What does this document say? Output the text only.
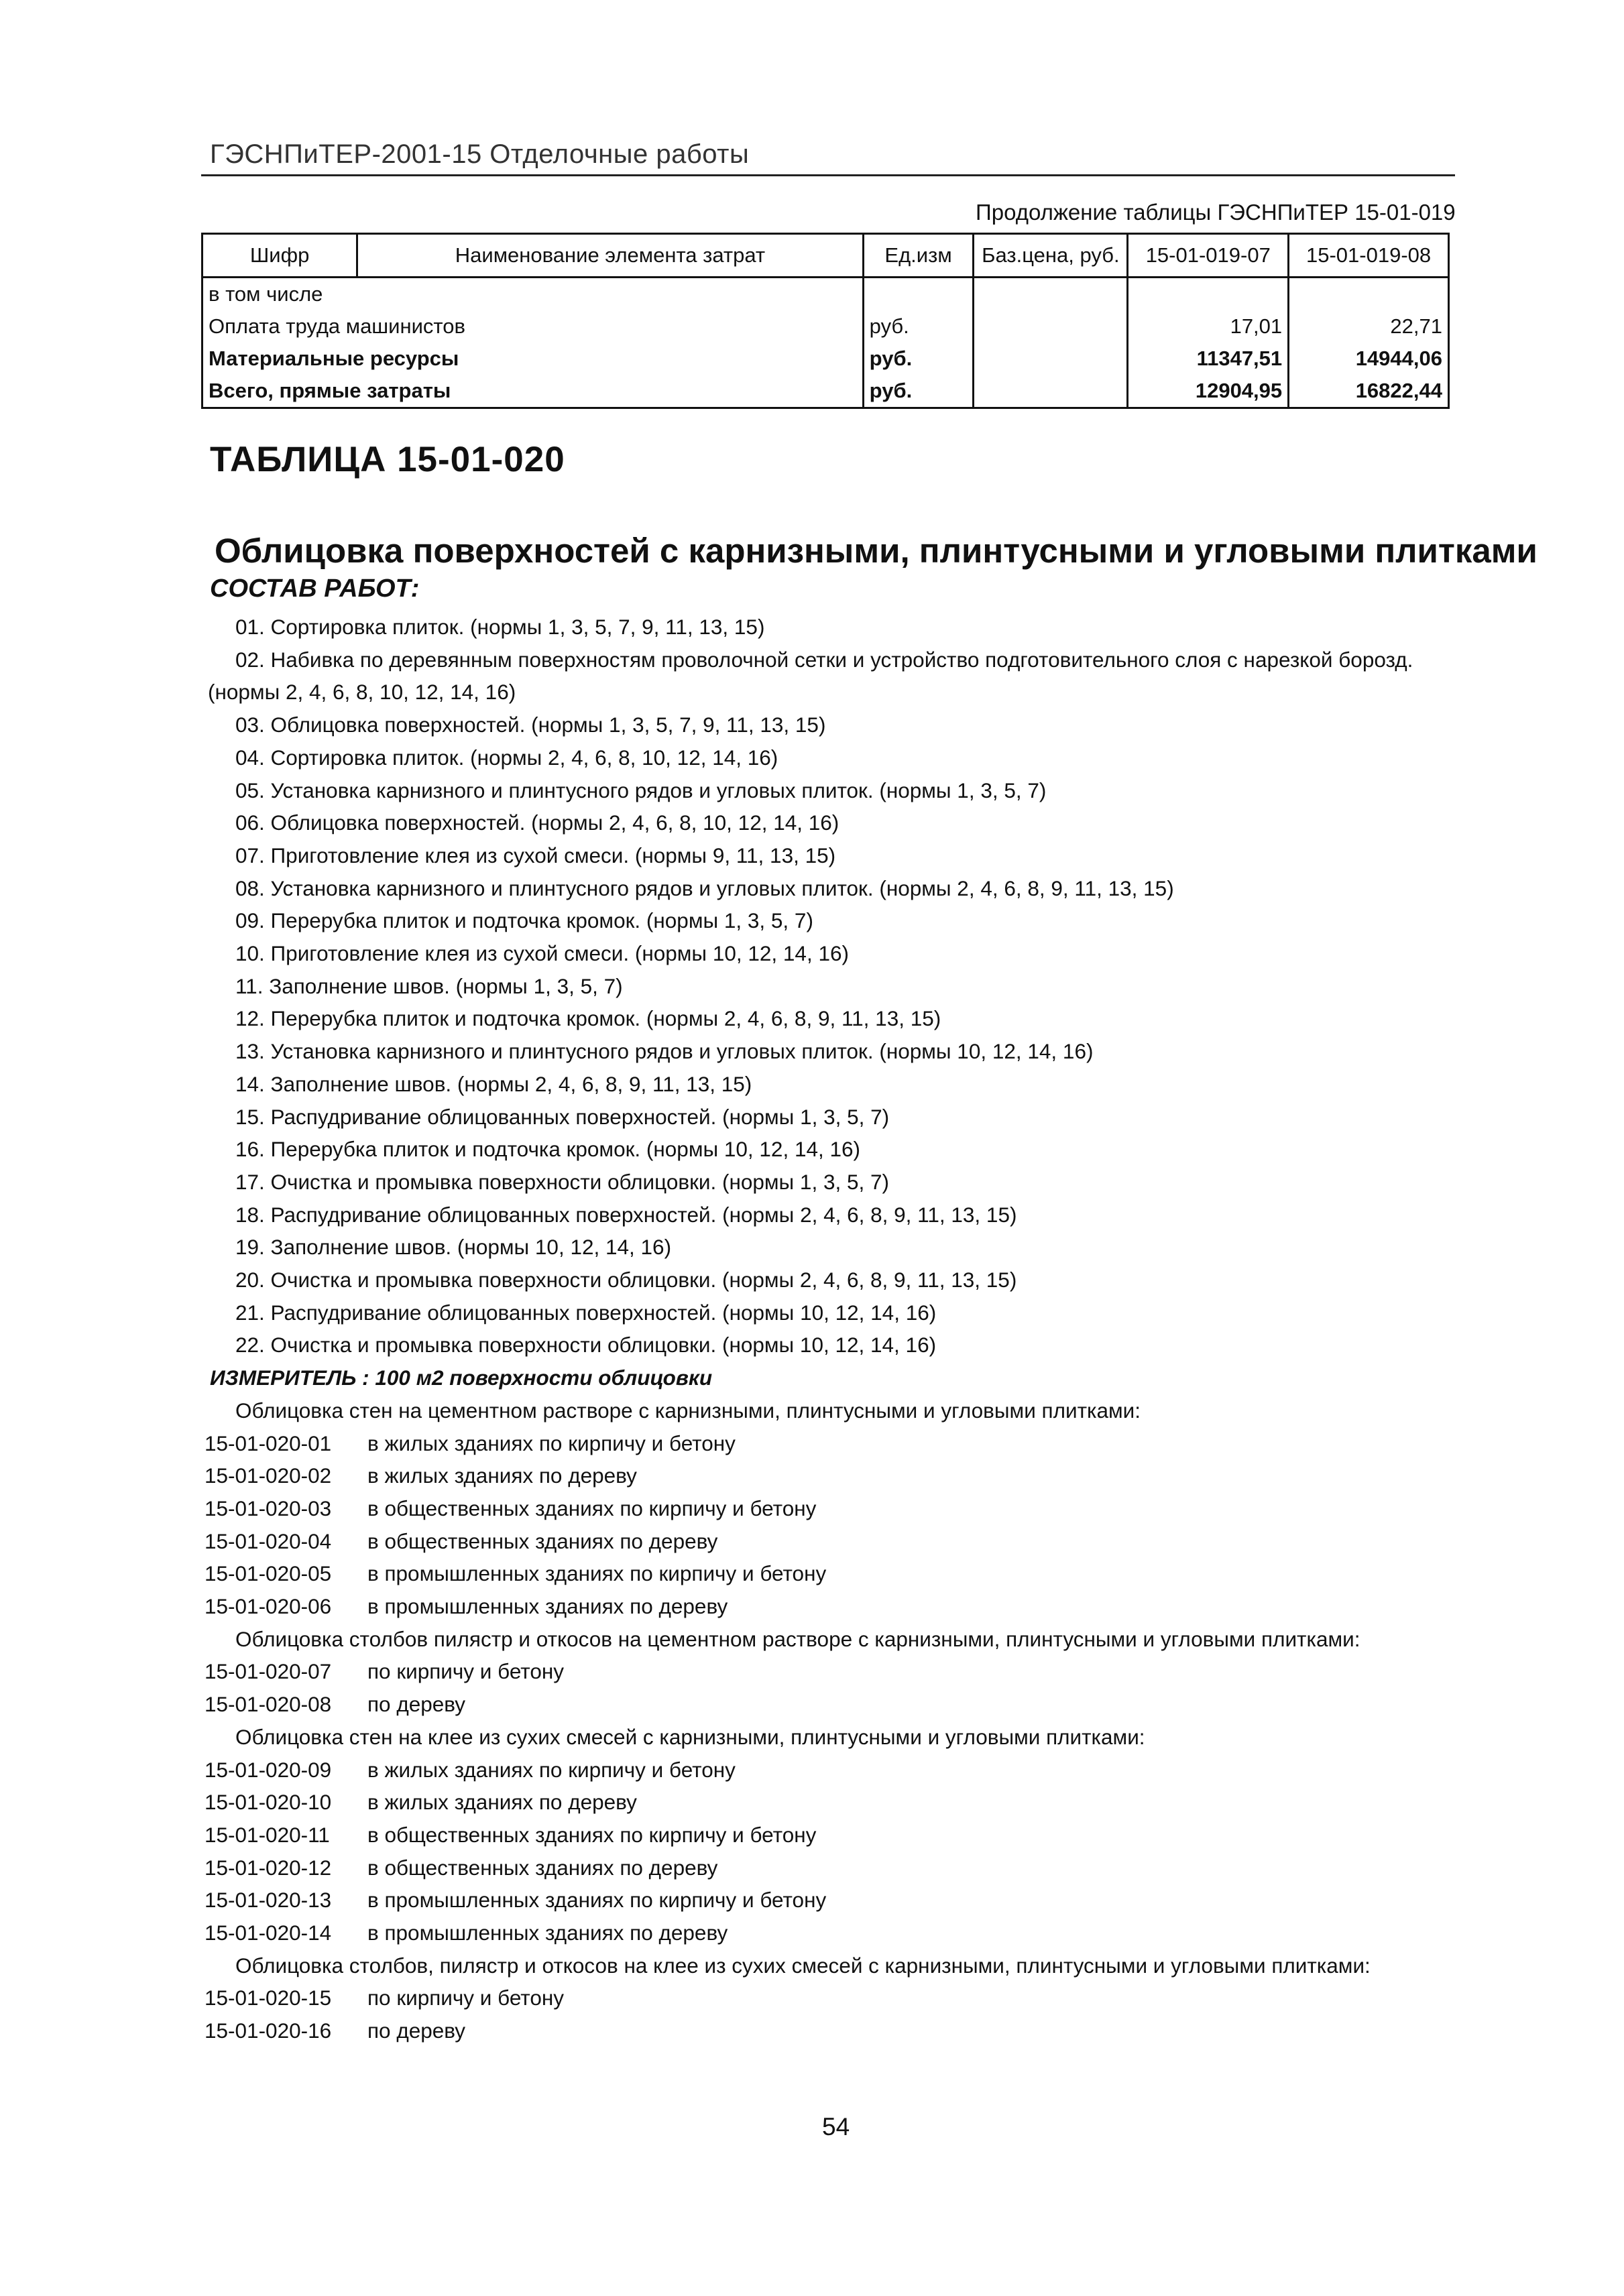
ГЭСНПиТЕР-2001-15 Отделочные работы
Продолжение таблицы ГЭСНПиТЕР 15-01-019
Шифр	Наименование элемента затрат	Ед.изм	Баз.цена, руб.	15-01-019-07	15-01-019-08
в том числе					
Оплата труда машинистов		руб.		17,01	22,71
Материальные ресурсы		руб.		11347,51	14944,06
Всего, прямые затраты		руб.		12904,95	16822,44
ТАБЛИЦА 15-01-020
Облицовка поверхностей с карнизными, плинтусными и угловыми плитками
СОСТАВ РАБОТ:
01. Сортировка плиток. (нормы 1, 3, 5, 7, 9, 11, 13, 15)
02. Набивка по деревянным поверхностям проволочной сетки и устройство подготовительного слоя с нарезкой борозд.
(нормы 2, 4, 6, 8, 10, 12, 14, 16)
03. Облицовка поверхностей. (нормы 1, 3, 5, 7, 9, 11, 13, 15)
04. Сортировка плиток. (нормы 2, 4, 6, 8, 10, 12, 14, 16)
05. Установка карнизного и плинтусного рядов и угловых плиток. (нормы 1, 3, 5, 7)
06. Облицовка поверхностей. (нормы 2, 4, 6, 8, 10, 12, 14, 16)
07. Приготовление клея из сухой смеси. (нормы 9, 11, 13, 15)
08. Установка карнизного и плинтусного рядов и угловых плиток. (нормы 2, 4, 6, 8, 9, 11, 13, 15)
09. Перерубка плиток и подточка кромок. (нормы 1, 3, 5, 7)
10. Приготовление клея из сухой смеси. (нормы 10, 12, 14, 16)
11. Заполнение швов. (нормы 1, 3, 5, 7)
12. Перерубка плиток и подточка кромок. (нормы 2, 4, 6, 8, 9, 11, 13, 15)
13. Установка карнизного и плинтусного рядов и угловых плиток. (нормы 10, 12, 14, 16)
14. Заполнение швов. (нормы 2, 4, 6, 8, 9, 11, 13, 15)
15. Распудривание облицованных поверхностей. (нормы 1, 3, 5, 7)
16. Перерубка плиток и подточка кромок. (нормы 10, 12, 14, 16)
17. Очистка и промывка поверхности облицовки. (нормы 1, 3, 5, 7)
18. Распудривание облицованных поверхностей. (нормы 2, 4, 6, 8, 9, 11, 13, 15)
19. Заполнение швов. (нормы 10, 12, 14, 16)
20. Очистка и промывка поверхности облицовки. (нормы 2, 4, 6, 8, 9, 11, 13, 15)
21. Распудривание облицованных поверхностей. (нормы 10, 12, 14, 16)
22. Очистка и промывка поверхности облицовки. (нормы 10, 12, 14, 16)
ИЗМЕРИТЕЛЬ : 100 м2 поверхности облицовки
Облицовка стен на цементном растворе с карнизными, плинтусными и угловыми плитками:
15-01-020-01 в жилых зданиях по кирпичу и бетону
15-01-020-02 в жилых зданиях по дереву
15-01-020-03 в общественных зданиях по кирпичу и бетону
15-01-020-04 в общественных зданиях по дереву
15-01-020-05 в промышленных зданиях по кирпичу и бетону
15-01-020-06 в промышленных зданиях по дереву
Облицовка столбов пилястр и откосов на цементном растворе с карнизными, плинтусными и угловыми плитками:
15-01-020-07 по кирпичу и бетону
15-01-020-08 по дереву
Облицовка стен на клее из сухих смесей с карнизными, плинтусными и угловыми плитками:
15-01-020-09 в жилых зданиях по кирпичу и бетону
15-01-020-10 в жилых зданиях по дереву
15-01-020-11 в общественных зданиях по кирпичу и бетону
15-01-020-12 в общественных зданиях по дереву
15-01-020-13 в промышленных зданиях по кирпичу и бетону
15-01-020-14 в промышленных зданиях по дереву
Облицовка столбов, пилястр и откосов на клее из сухих смесей с карнизными, плинтусными и угловыми плитками:
15-01-020-15 по кирпичу и бетону
15-01-020-16 по дереву
54
